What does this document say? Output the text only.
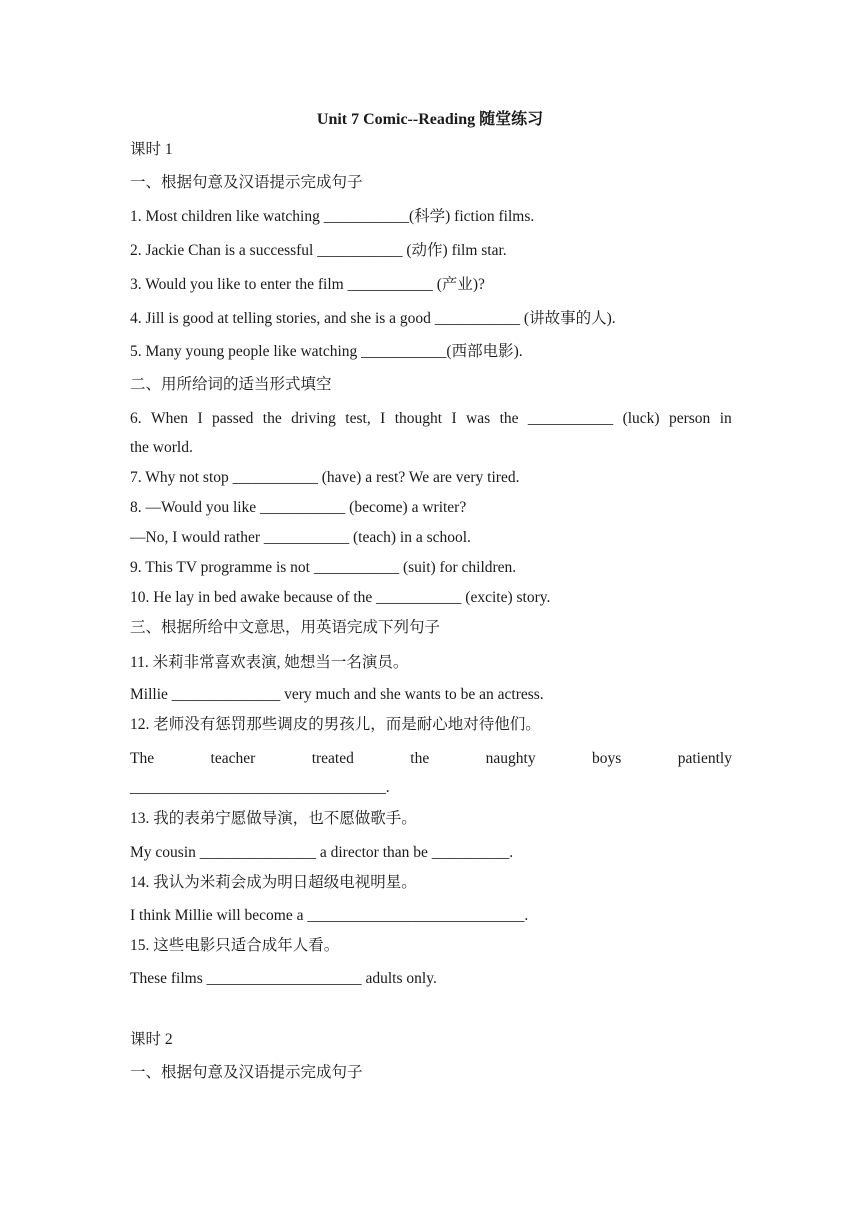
Unit 7 Comic--Reading 随堂练习
课时 1
一、根据句意及汉语提示完成句子
1. Most children like watching ___________(科学) fiction films.
2. Jackie Chan is a successful ___________ (动作) film star.
3. Would you like to enter the film ___________ (产业)?
4. Jill is good at telling stories, and she is a good ___________ (讲故事的人).
5. Many young people like watching ___________(西部电影).
二、用所给词的适当形式填空
6. When I passed the driving test, I thought I was the ___________ (luck) person in
the world.
7. Why not stop ___________ (have) a rest? We are very tired.
8. —Would you like ___________ (become) a writer?
—No, I would rather ___________ (teach) in a school.
9. This TV programme is not ___________ (suit) for children.
10. He lay in bed awake because of the ___________ (excite) story.
三、根据所给中文意思，用英语完成下列句子
11. 米莉非常喜欢表演, 她想当一名演员。
Millie ______________ very much and she wants to be an actress.
12. 老师没有惩罚那些调皮的男孩儿，而是耐心地对待他们。
The	teacher	treated	the	naughty	boys	patiently
_________________________________.
13. 我的表弟宁愿做导演，也不愿做歌手。
My cousin _______________ a director than be __________.
14. 我认为米莉会成为明日超级电视明星。
I think Millie will become a ____________________________.
15. 这些电影只适合成年人看。
These films ____________________ adults only.
课时 2
一、根据句意及汉语提示完成句子
